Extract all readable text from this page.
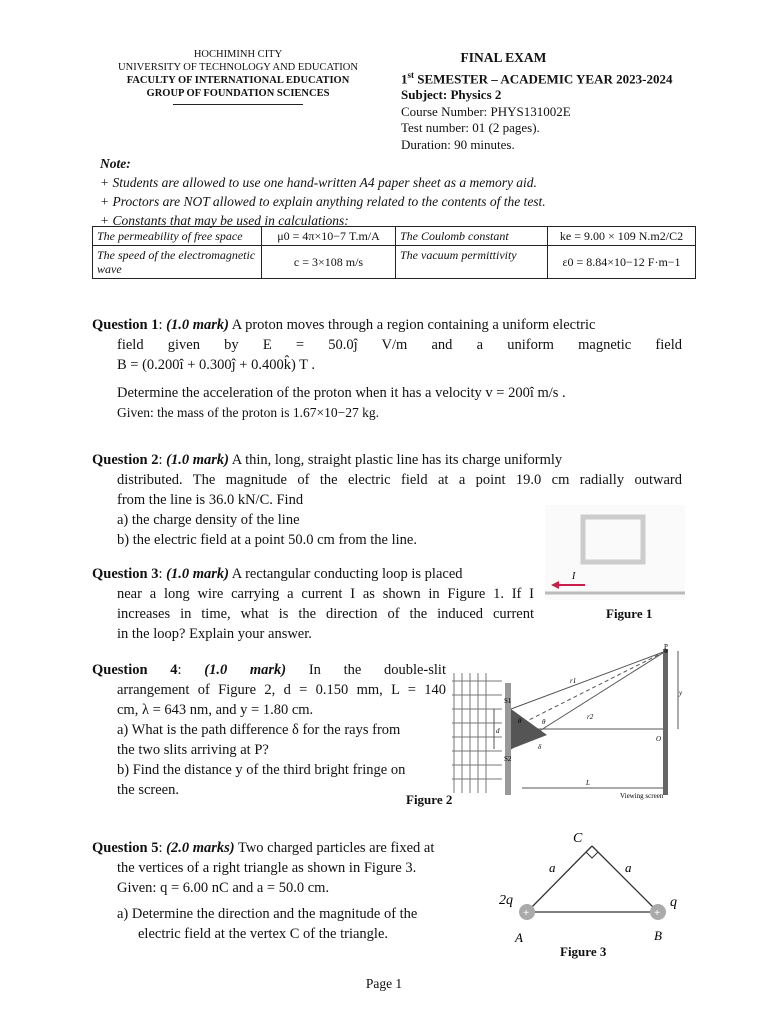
HOCHIMINH CITY
UNIVERSITY OF TECHNOLOGY AND EDUCATION
FACULTY OF INTERNATIONAL EDUCATION
GROUP OF FOUNDATION SCIENCES
FINAL EXAM
1st SEMESTER – ACADEMIC YEAR 2023-2024
Subject: Physics 2
Course Number: PHYS131002E
Test number: 01 (2 pages).
Duration: 90 minutes.
Note:
+ Students are allowed to use one hand-written A4 paper sheet as a memory aid.
+ Proctors are NOT allowed to explain anything related to the contents of the test.
+ Constants that may be used in calculations:
The permeability of free space	μ0 = 4π×10−7 T.m/A	The Coulomb constant	ke = 9.00 × 109 N.m2/C2
The speed of the electromagnetic wave	c = 3×108 m/s	The vacuum permittivity	ε0 = 8.84×10−12 F·m−1

Question 1: (1.0 mark) A proton moves through a region containing a uniform electric

field given by E = 50.0ĵ V/m and a uniform magnetic field

B = (0.200î + 0.300ĵ + 0.400k̂) T .

Determine the acceleration of the proton when it has a velocity v = 200î m/s .

Given: the mass of the proton is 1.67×10−27 kg.

Question 2: (1.0 mark) A thin, long, straight plastic line has its charge uniformly

distributed. The magnitude of the electric field at a point 19.0 cm radially outward

from the line is 36.0 kN/C. Find

a) the charge density of the line

b) the electric field at a point 50.0 cm from the line.

I
Figure 1

Question 3: (1.0 mark) A rectangular conducting loop is placed

near a long wire carrying a current I as shown in Figure 1. If I

increases in time, what is the direction of the induced current

in the loop? Explain your answer.

Question 4: (1.0 mark) In the double-slit

arrangement of Figure 2, d = 0.150 mm, L = 140

cm, λ = 643 nm, and y = 1.80 cm.

a) What is the path difference δ for the rays from

the two slits arriving at P?

b) Find the distance y of the third bright fringe on

the screen.

P
r1
r2
S1
S2
y
O
d
θ	θ
δ
L
Viewing screen
Figure 2

Question 5: (2.0 marks) Two charged particles are fixed at

the vertices of a right triangle as shown in Figure 3.

Given: q = 6.00 nC and a = 50.0 cm.

a) Determine the direction and the magnitude of the

electric field at the vertex C of the triangle.

+	+
C
a	a
2q	q
A	B
Figure 3
Page 1
